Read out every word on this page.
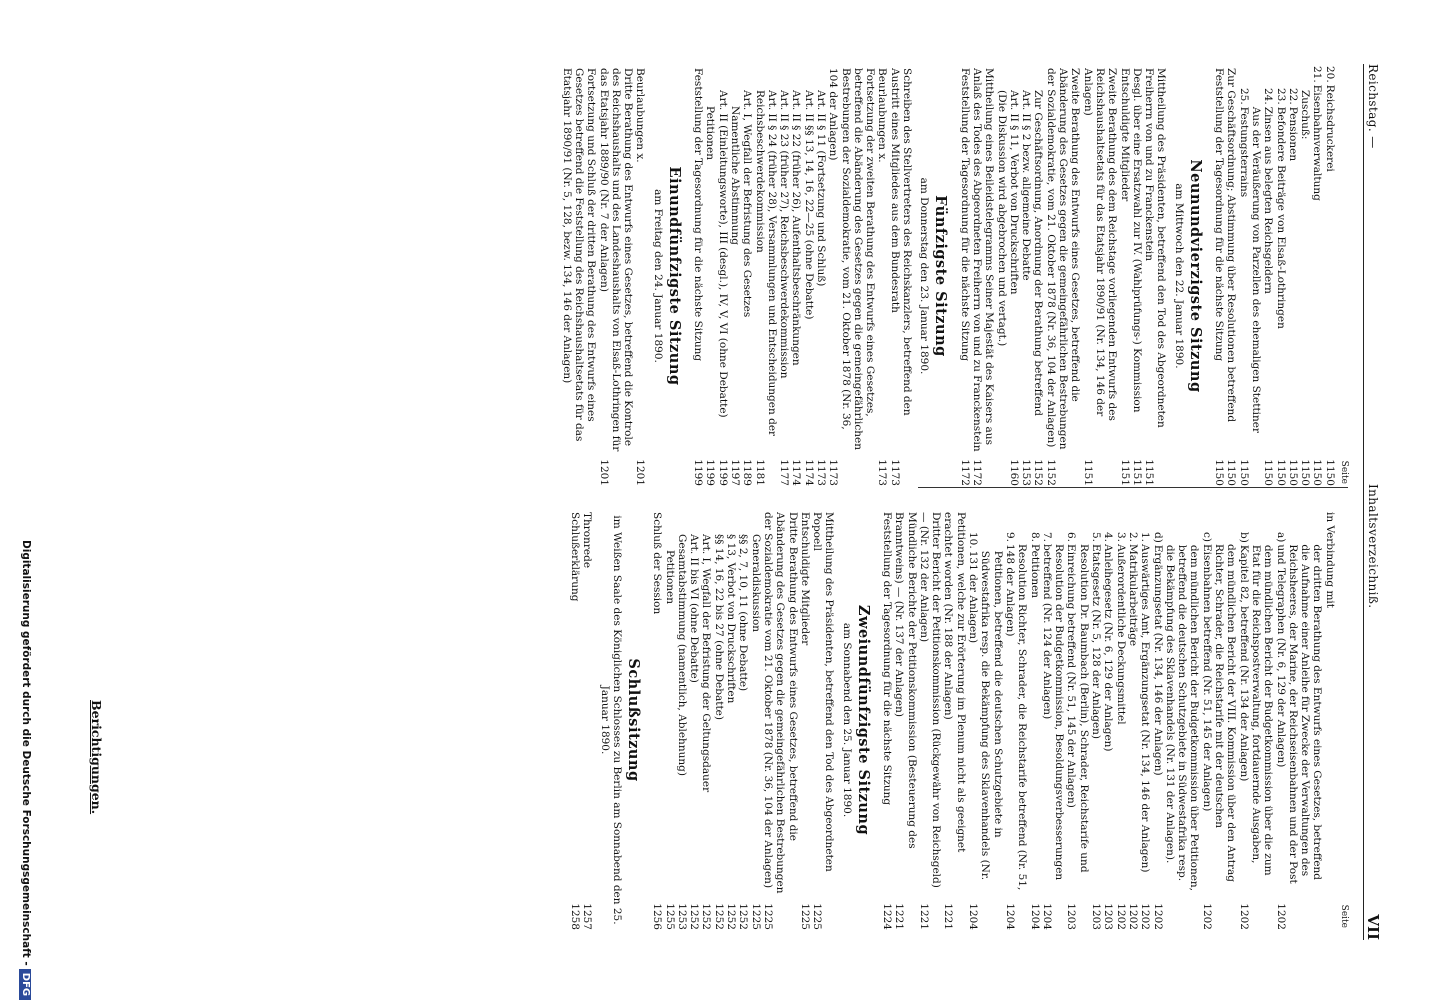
Reichstag. —
Inhaltsverzeichniß.
VII
Seite
20.
Reichsdruckerei
1150
21.
Eisenbahnverwaltung
1150
Zuschuß:
1150
22.
Pensionen
1150
23.
Befondere Beiträge von Elsaß-Lothringen
1150
24.
Zinsen aus belegten Reichsgeldern
1150
25.
Aus der Veräußerung von Parzellen des ehemaligen Stettiner Festungsterrains
1150
Zur Geschäftsordnung; Abstimmung über Resolutionen betreffend
1150
Feststellung der Tagesordnung für die nächste Sitzung
1150
Neunundvierzigste Sitzung
am Mittwoch den 22. Januar 1890.
Mittheilung des Präsidenten, betreffend den Tod des Abgeordneten Freiherrn von und zu Franckenstein
1151
Desgl. über eine Ersatzwahl zur IV. (Wahlprüfungs-) Kommission
1151
Entschuldigte Mitglieder
1151
Zweite Berathung des dem Reichstage vorliegenden Entwurfs des Reichshaushaltsetats für das Etatsjahr 1890/91 (Nr. 134, 146 der Anlagen)
1151
Zweite Berathung des Entwurfs eines Gesetzes, betreffend die Abänderung des Gesetzes gegen die gemeingefährlichen Bestrebungen der Sozialdemokratie, vom 21. Oktober 1878 (Nr. 36, 104 der Anlagen)
1152
Zur Geschäftsordnung, Anordnung der Berathung betreffend
1152
Art. II § 2 bezw. allgemeine Debatte
1153
Art. II § 11, Verbot von Druckschriften
1160
(Die Diskussion wird abgebrochen und vertagt.)
Mittheilung eines Beileidstelegramms Seiner Majestät des Kaisers aus Anlaß des Todes des Abgeordneten Freiherrn von und zu Franckenstein
1172
Feststellung der Tagesordnung für die nächste Sitzung
1172
Fünfzigste Sitzung
am Donnerstag den 23. Januar 1890.
Schreiben des Stellvertreters des Reichskanzlers, betreffend den Austritt eines Mitgliedes aus dem Bundesrath
1173
Beurlaubungen x.
1173
Fortsetzung der zweiten Berathung des Entwurfs eines Gesetzes, betreffend die Abänderung des Gesetzes gegen die gemeingefährlichen Bestrebungen der Sozialdemokratie, vom 21. Oktober 1878 (Nr. 36, 104 der Anlagen)
1173
Art. II § 11 (Fortsetzung und Schluß)
1173
Art. II §§ 13, 14, 16, 22—25 (ohne Debatte)
1174
Art. II § 22 (früher 26), Aufenthaltsbeschränkungen
1174
Art. II § 23 (früher 27), Reichsbeschwerdekommission
1177
Art. II § 24 (früher 28), Versammlungen und Entscheidungen der Reichsbeschwerdekommission
1181
Art. I, Wegfall der Befristung des Gesetzes
1189
Namentliche Abstimmung
1197
Art. II (Einleitungsworte), III (desgl.), IV, V, VI (ohne Debatte)
1199
Petitionen
1199
Feststellung der Tagesordnung für die nächste Sitzung
1199
Einundfünfzigste Sitzung
am Freitag den 24. Januar 1890.
Beurlaubungen x.
1201
Dritte Berathung des Entwurfs eines Gesetzes, betreffend die Kontrole des Reichshaushalts und des Landeshaushalts von Elsaß-Lothringen für das Etatsjahr 1889/90 (Nr. 7 der Anlagen)
1201
Fortsetzung und Schluß der dritten Berathung des Entwurfs eines Gesetzes betreffend die Feststellung des Reichshaushaltsetats für das Etatsjahr 1890/91 (Nr. 5, 128, bezw. 134, 146 der Anlagen)
Seite
in Verbindung mit
a)
der dritten Berathung des Entwurfs eines Gesetzes, betreffend die Aufnahme einer Anleihe für Zwecke der Verwaltungen des Reichsheeres, der Marine, der Reichseisenbahnen und der Post und Telegraphen (Nr. 6, 129 der Anlagen)
1202
b)
dem mündlichen Bericht der Budgetkommission über die zum Etat für die Reichspostverwaltung, fortdauernde Ausgaben, Kapitel 82, betreffend (Nr. 134 der Anlagen)
1202
c)
dem mündlichen Bericht der VIII. Kommission über den Antrag Richter, Schrader, die Reichstarife mit der deutschen Eisenbahnen betreffend (Nr. 51, 145 der Anlagen)
1202
d)
dem mündlichen Bericht der Budgetkommission über Petitionen, betreffend die deutschen Schutzgebiete in Südwestafrika resp. die Bekämpfung des Sklavenhandels (Nr. 131 der Anlagen). Ergänzungsetat (Nr. 134, 146 der Anlagen)
1202
1.
Auswärtiges Amt, Ergänzungsetat (Nr. 134, 146 der Anlagen)
1202
2.
Matrikularbeiträge
1202
3.
Außerordentliche Deckungsmittel
1202
4.
Anleihegesetz (Nr. 6, 129 der Anlagen)
1203
5.
Etatsgesetz (Nr. 5, 128 der Anlagen)
1203
6.
Resolution Dr. Baumbach (Berlin), Schrader, Reichstarife und Einreichung betreffend (Nr. 51, 145 der Anlagen)
1203
7.
Resolution der Budgetkommission, Besoldungsverbesserungen betreffend (Nr. 124 der Anlagen)
1204
8.
Petitionen
1204
9.
Resolution Richter, Schrader, die Reichstarife betreffend (Nr. 51, 148 der Anlagen)
1204
10.
Petitionen, betreffend die deutschen Schutzgebiete in Südwestafrika resp. die Bekämpfung des Sklavenhandels (Nr. 131 der Anlagen)
1204
Petitionen, welche zur Erörterung im Plenum nicht als geeignet erachtet worden (Nr. 188 der Anlagen)
1221
Dritter Bericht der Petitionskommission (Rückgewähr von Reichsgeld) — (Nr. 132 der Anlagen)
1221
Mündliche Berichte der Petitionskommission (Besteuerung des Branntweins) — (Nr. 137 der Anlagen)
1221
Feststellung der Tagesordnung für die nächste Sitzung
1224
Zweiundfünfzigste Sitzung
am Sonnabend den 25. Januar 1890.
Mittheilung des Präsidenten, betreffend den Tod des Abgeordneten Popoell
1225
Entschuldigte Mitglieder
1225
Dritte Berathung des Entwurfs eines Gesetzes, betreffend die Abänderung des Gesetzes gegen die gemeingefährlichen Bestrebungen der Sozialdemokratie vom 21. Oktober 1878 (Nr. 36, 104 der Anlagen)
1225
Generaldiskussion
1225
§§ 2, 7, 10, 11 (ohne Debatte)
1252
§ 13, Verbot von Druckschriften
1252
§§ 14, 16, 22 bis 27 (ohne Debatte)
1252
Art. I, Wegfall der Befristung der Geltungsdauer
1252
Art. II bis VI (ohne Debatte)
1252
Gesamtabstimmung (namentlich, Ablehnung)
1253
Petitionen
1255
Schluß der Session
1256
Schlußsitzung
im Weißen Saale des Königlichen Schlosses zu Berlin am Sonnabend den 25. Januar 1890.
Thronrede
1257
Schlußerklärung
1258
Berichtigungen.
Digitalisierung gefördert durch die Deutsche Forschungsgemeinschaft -DFG
